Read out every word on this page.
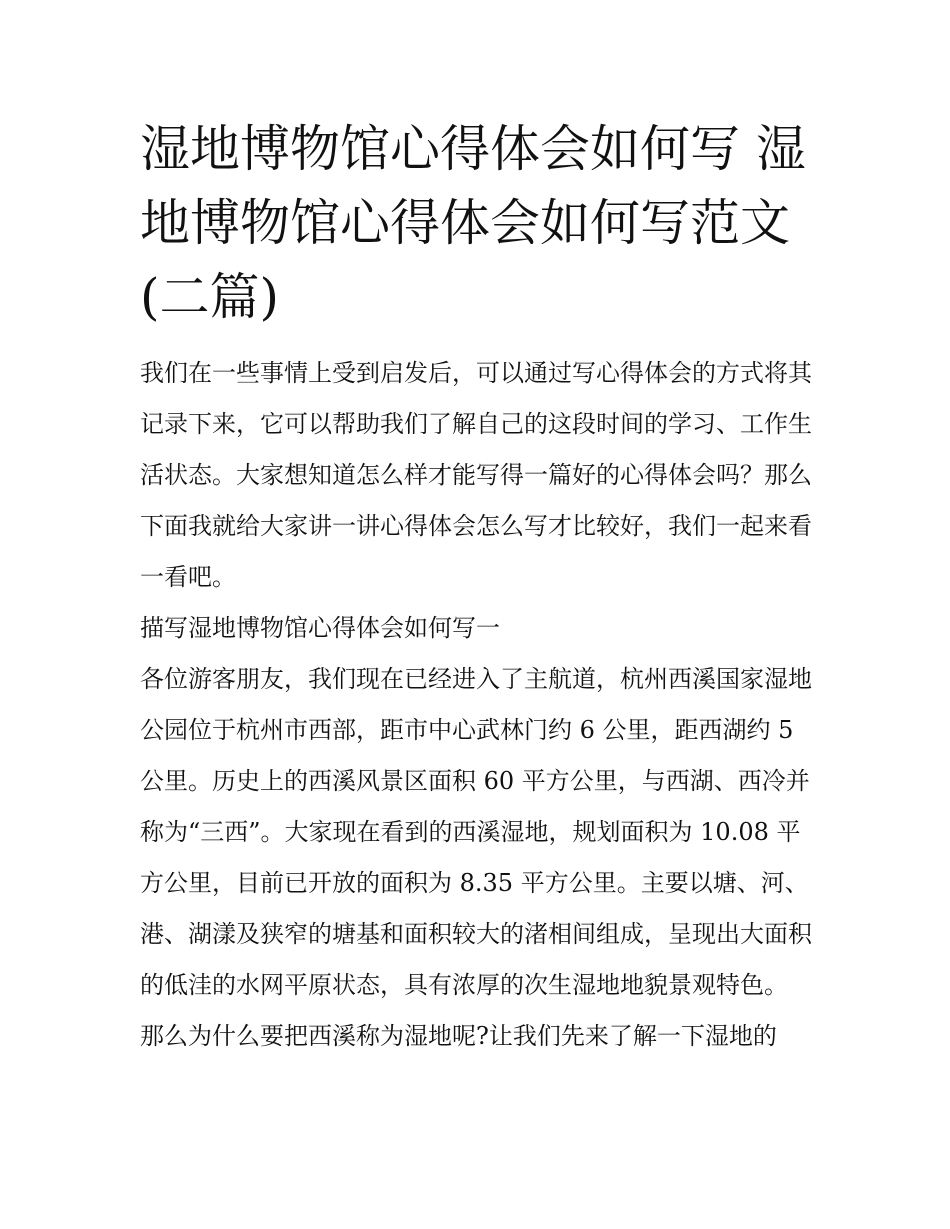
湿地博物馆心得体会如何写 湿地博物馆心得体会如何写范文(二篇)

我们在一些事情上受到启发后，可以通过写心得体会的方式将其记录下来，它可以帮助我们了解自己的这段时间的学习、工作生活状态。大家想知道怎么样才能写得一篇好的心得体会吗？那么下面我就给大家讲一讲心得体会怎么写才比较好，我们一起来看一看吧。

描写湿地博物馆心得体会如何写一

各位游客朋友，我们现在已经进入了主航道，杭州西溪国家湿地公园位于杭州市西部，距市中心武林门约 6 公里，距西湖约 5 公里。历史上的西溪风景区面积 60 平方公里，与西湖、西冷并称为“三西”。大家现在看到的西溪湿地，规划面积为 10.08 平方公里，目前已开放的面积为 8.35 平方公里。主要以塘、河、港、湖漾及狭窄的塘基和面积较大的渚相间组成，呈现出大面积的低洼的水网平原状态，具有浓厚的次生湿地地貌景观特色。

那么为什么要把西溪称为湿地呢?让我们先来了解一下湿地的
